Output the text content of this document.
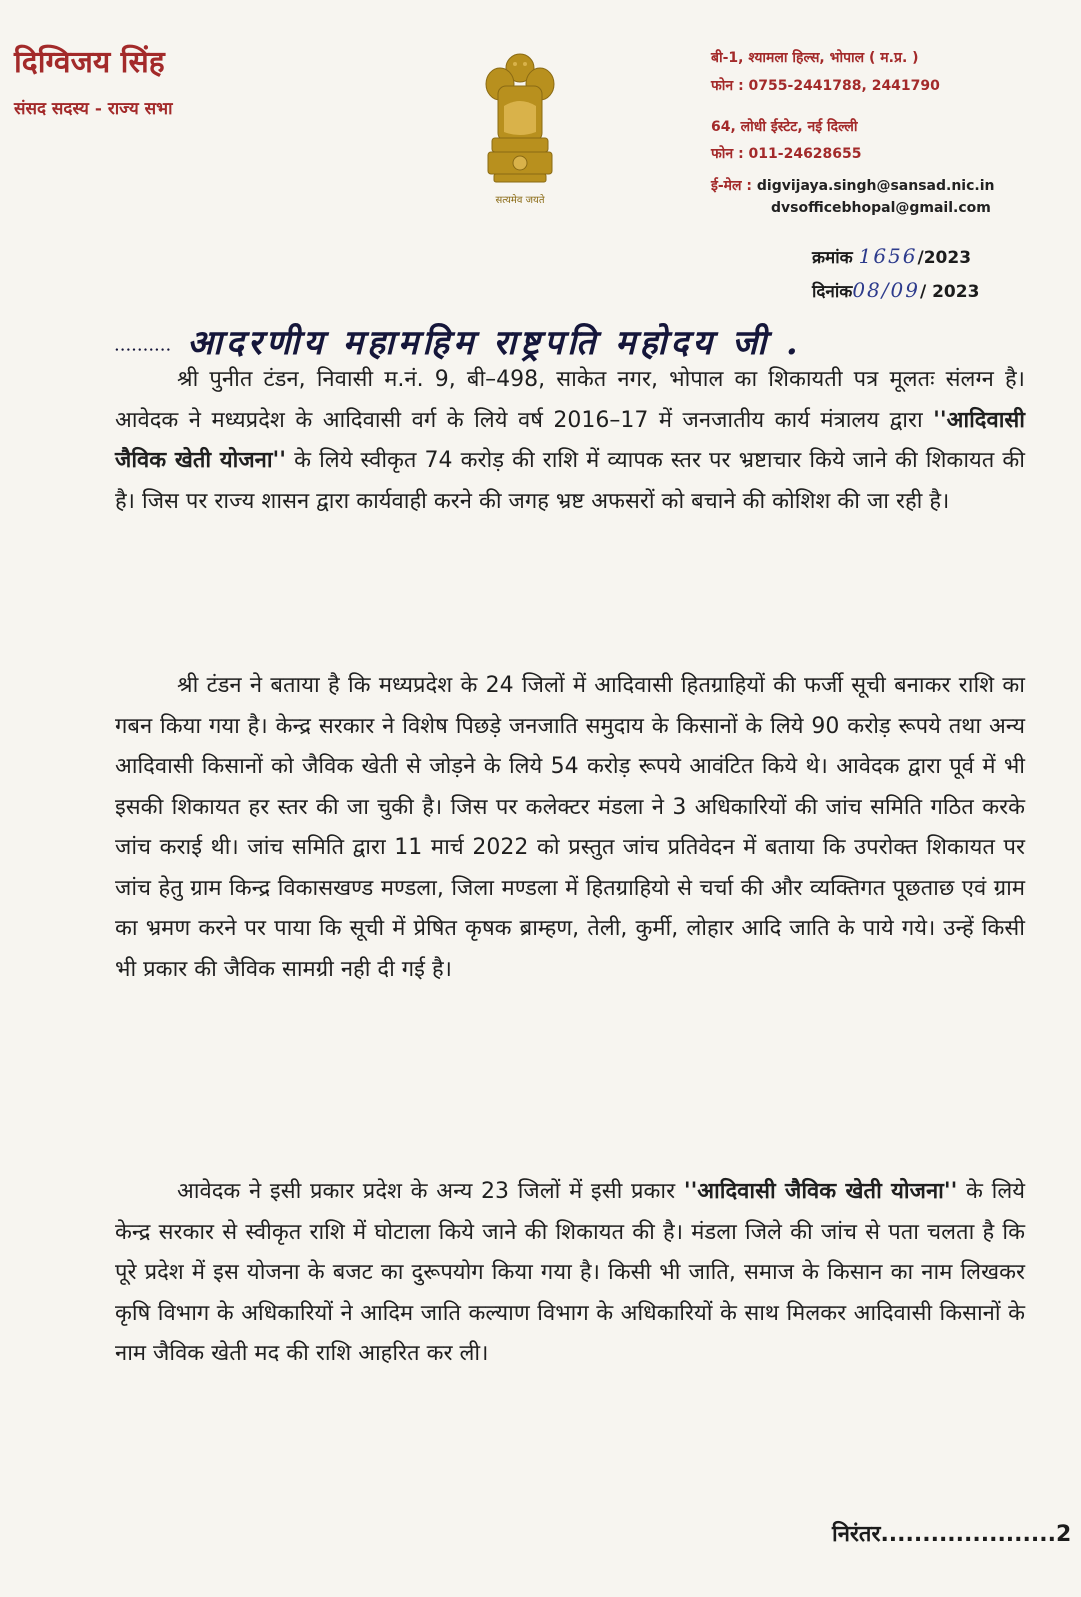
दिग्विजय सिंह
संसद सदस्य - राज्य सभा
सत्यमेव जयते
बी-1, श्यामला हिल्स, भोपाल ( म.प्र. )
फोन : 0755-2441788, 2441790
64, लोधी ईस्टेट, नई दिल्ली
फोन : 011-24628655
ई-मेल : digvijaya.singh@sansad.nic.in
dvsofficebhopal@gmail.com
क्रमांक 1656/2023
दिनांक08/09/ 2023
.......... आदरणीय महामहिम राष्ट्रपति महोदय जी .

श्री पुनीत टंडन, निवासी म.नं. 9, बी–498, साकेत नगर, भोपाल का शिकायती पत्र मूलतः संलग्न है। आवेदक ने मध्यप्रदेश के आदिवासी वर्ग के लिये वर्ष 2016–17 में जनजातीय कार्य मंत्रालय द्वारा ''आदिवासी जैविक खेती योजना'' के लिये स्वीकृत 74 करोड़ की राशि में व्यापक स्तर पर भ्रष्टाचार किये जाने की शिकायत की है। जिस पर राज्य शासन द्वारा कार्यवाही करने की जगह भ्रष्ट अफसरों को बचाने की कोशिश की जा रही है।

श्री टंडन ने बताया है कि मध्यप्रदेश के 24 जिलों में आदिवासी हितग्राहियों की फर्जी सूची बनाकर राशि का गबन किया गया है। केन्द्र सरकार ने विशेष पिछड़े जनजाति समुदाय के किसानों के लिये 90 करोड़ रूपये तथा अन्य आदिवासी किसानों को जैविक खेती से जोड़ने के लिये 54 करोड़ रूपये आवंटित किये थे। आवेदक द्वारा पूर्व में भी इसकी शिकायत हर स्तर की जा चुकी है। जिस पर कलेक्टर मंडला ने 3 अधिकारियों की जांच समिति गठित करके जांच कराई थी। जांच समिति द्वारा 11 मार्च 2022 को प्रस्तुत जांच प्रतिवेदन में बताया कि उपरोक्त शिकायत पर जांच हेतु ग्राम किन्द्र विकासखण्ड मण्डला, जिला मण्डला में हितग्राहियो से चर्चा की और व्यक्तिगत पूछताछ एवं ग्राम का भ्रमण करने पर पाया कि सूची में प्रेषित कृषक ब्राम्हण, तेली, कुर्मी, लोहार आदि जाति के पाये गये। उन्हें किसी भी प्रकार की जैविक सामग्री नही दी गई है।

आवेदक ने इसी प्रकार प्रदेश के अन्य 23 जिलों में इसी प्रकार ''आदिवासी जैविक खेती योजना'' के लिये केन्द्र सरकार से स्वीकृत राशि में घोटाला किये जाने की शिकायत की है। मंडला जिले की जांच से पता चलता है कि पूरे प्रदेश में इस योजना के बजट का दुरूपयोग किया गया है। किसी भी जाति, समाज के किसान का नाम लिखकर कृषि विभाग के अधिकारियों ने आदिम जाति कल्याण विभाग के अधिकारियों के साथ मिलकर आदिवासी किसानों के नाम जैविक खेती मद की राशि आहरित कर ली।

निरंतर.....................2
